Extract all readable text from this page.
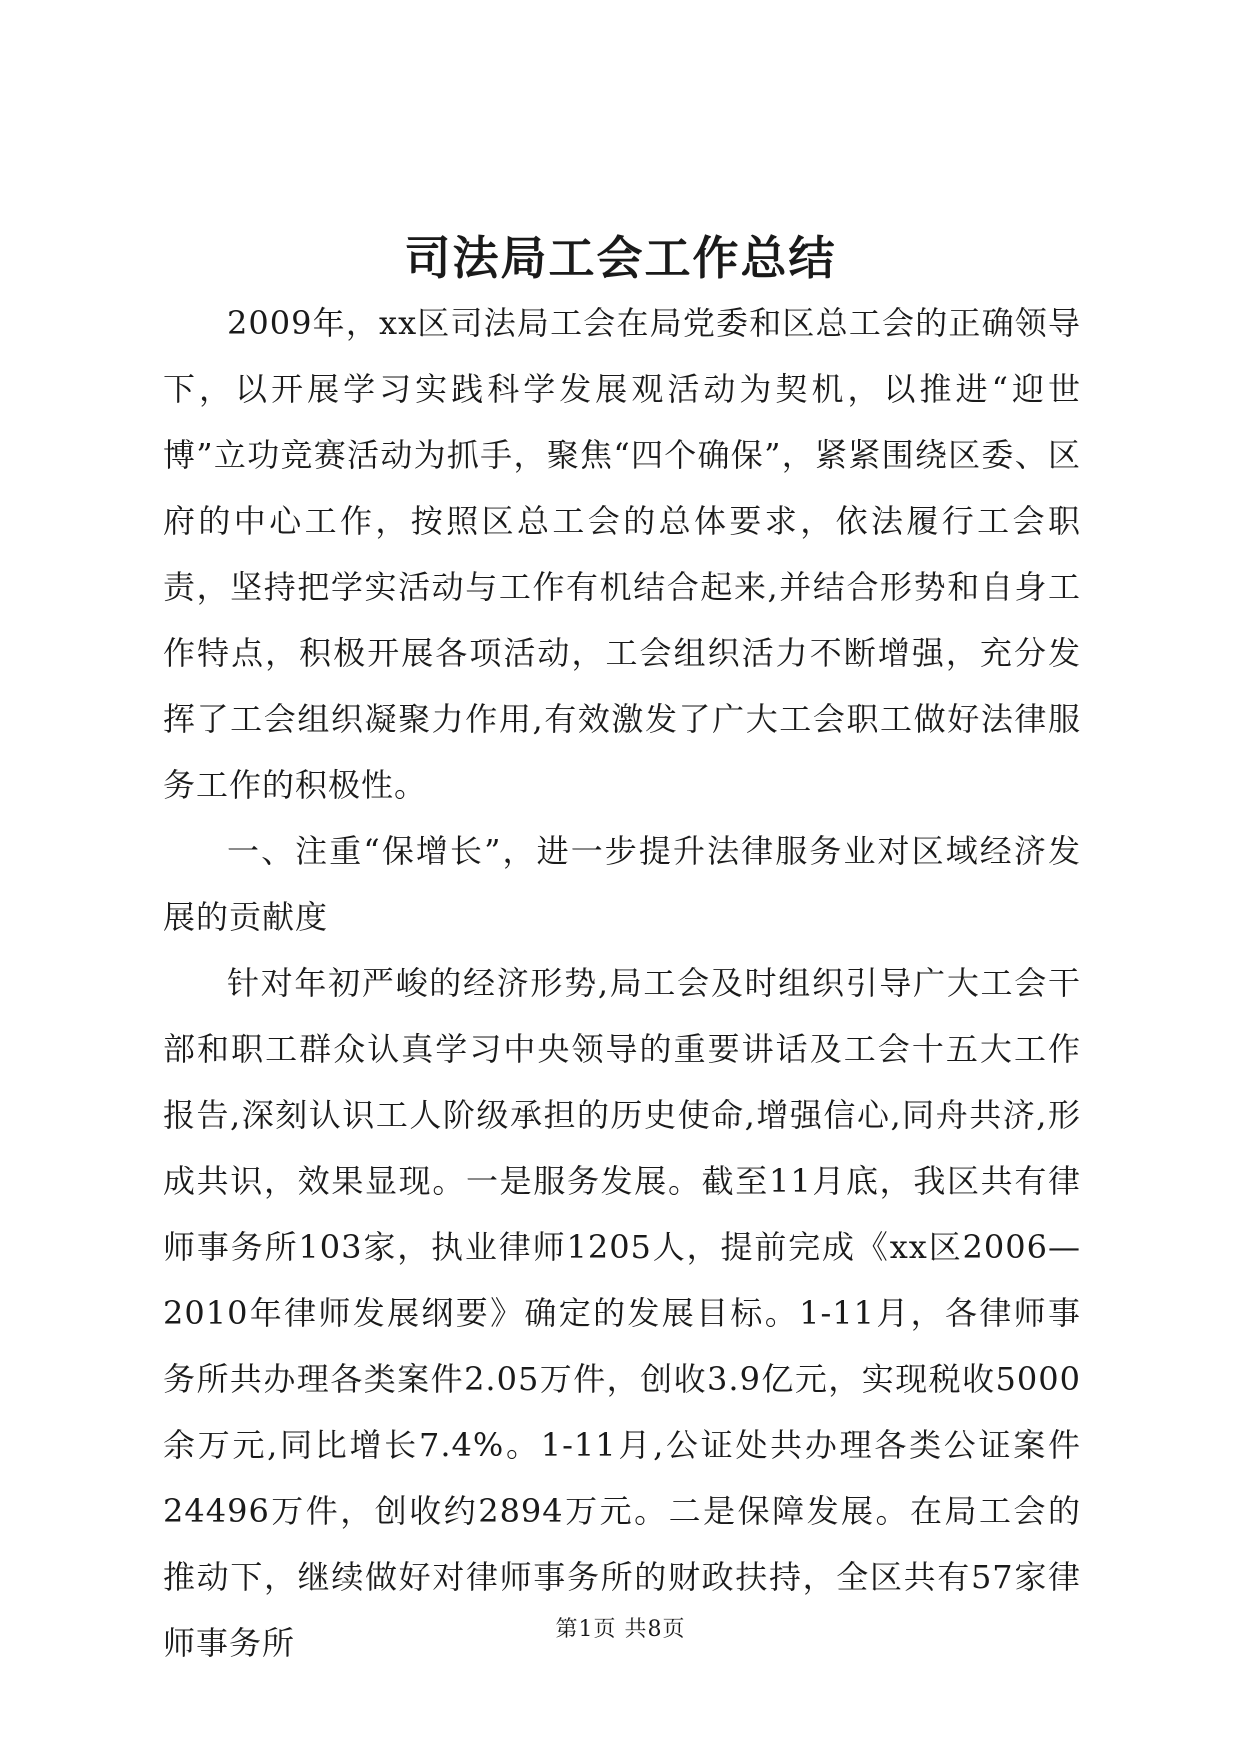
司法局工会工作总结

2009年，xx区司法局工会在局党委和区总工会的正确领导下，以开展学习实践科学发展观活动为契机，以推进“迎世博”立功竞赛活动为抓手，聚焦“四个确保”，紧紧围绕区委、区府的中心工作，按照区总工会的总体要求，依法履行工会职责，坚持把学实活动与工作有机结合起来,并结合形势和自身工作特点，积极开展各项活动，工会组织活力不断增强，充分发挥了工会组织凝聚力作用,有效激发了广大工会职工做好法律服务工作的积极性。

一、注重“保增长”，进一步提升法律服务业对区域经济发展的贡献度

针对年初严峻的经济形势,局工会及时组织引导广大工会干部和职工群众认真学习中央领导的重要讲话及工会十五大工作报告,深刻认识工人阶级承担的历史使命,增强信心,同舟共济,形成共识，效果显现。一是服务发展。截至11月底，我区共有律师事务所103家，执业律师1205人，提前完成《xx区2006—2010年律师发展纲要》确定的发展目标。1-11月，各律师事务所共办理各类案件2.05万件，创收3.9亿元，实现税收5000余万元,同比增长7.4%。1-11月,公证处共办理各类公证案件24496万件，创收约2894万元。二是保障发展。在局工会的推动下，继续做好对律师事务所的财政扶持，全区共有57家律师事务所	第1页 共8页
